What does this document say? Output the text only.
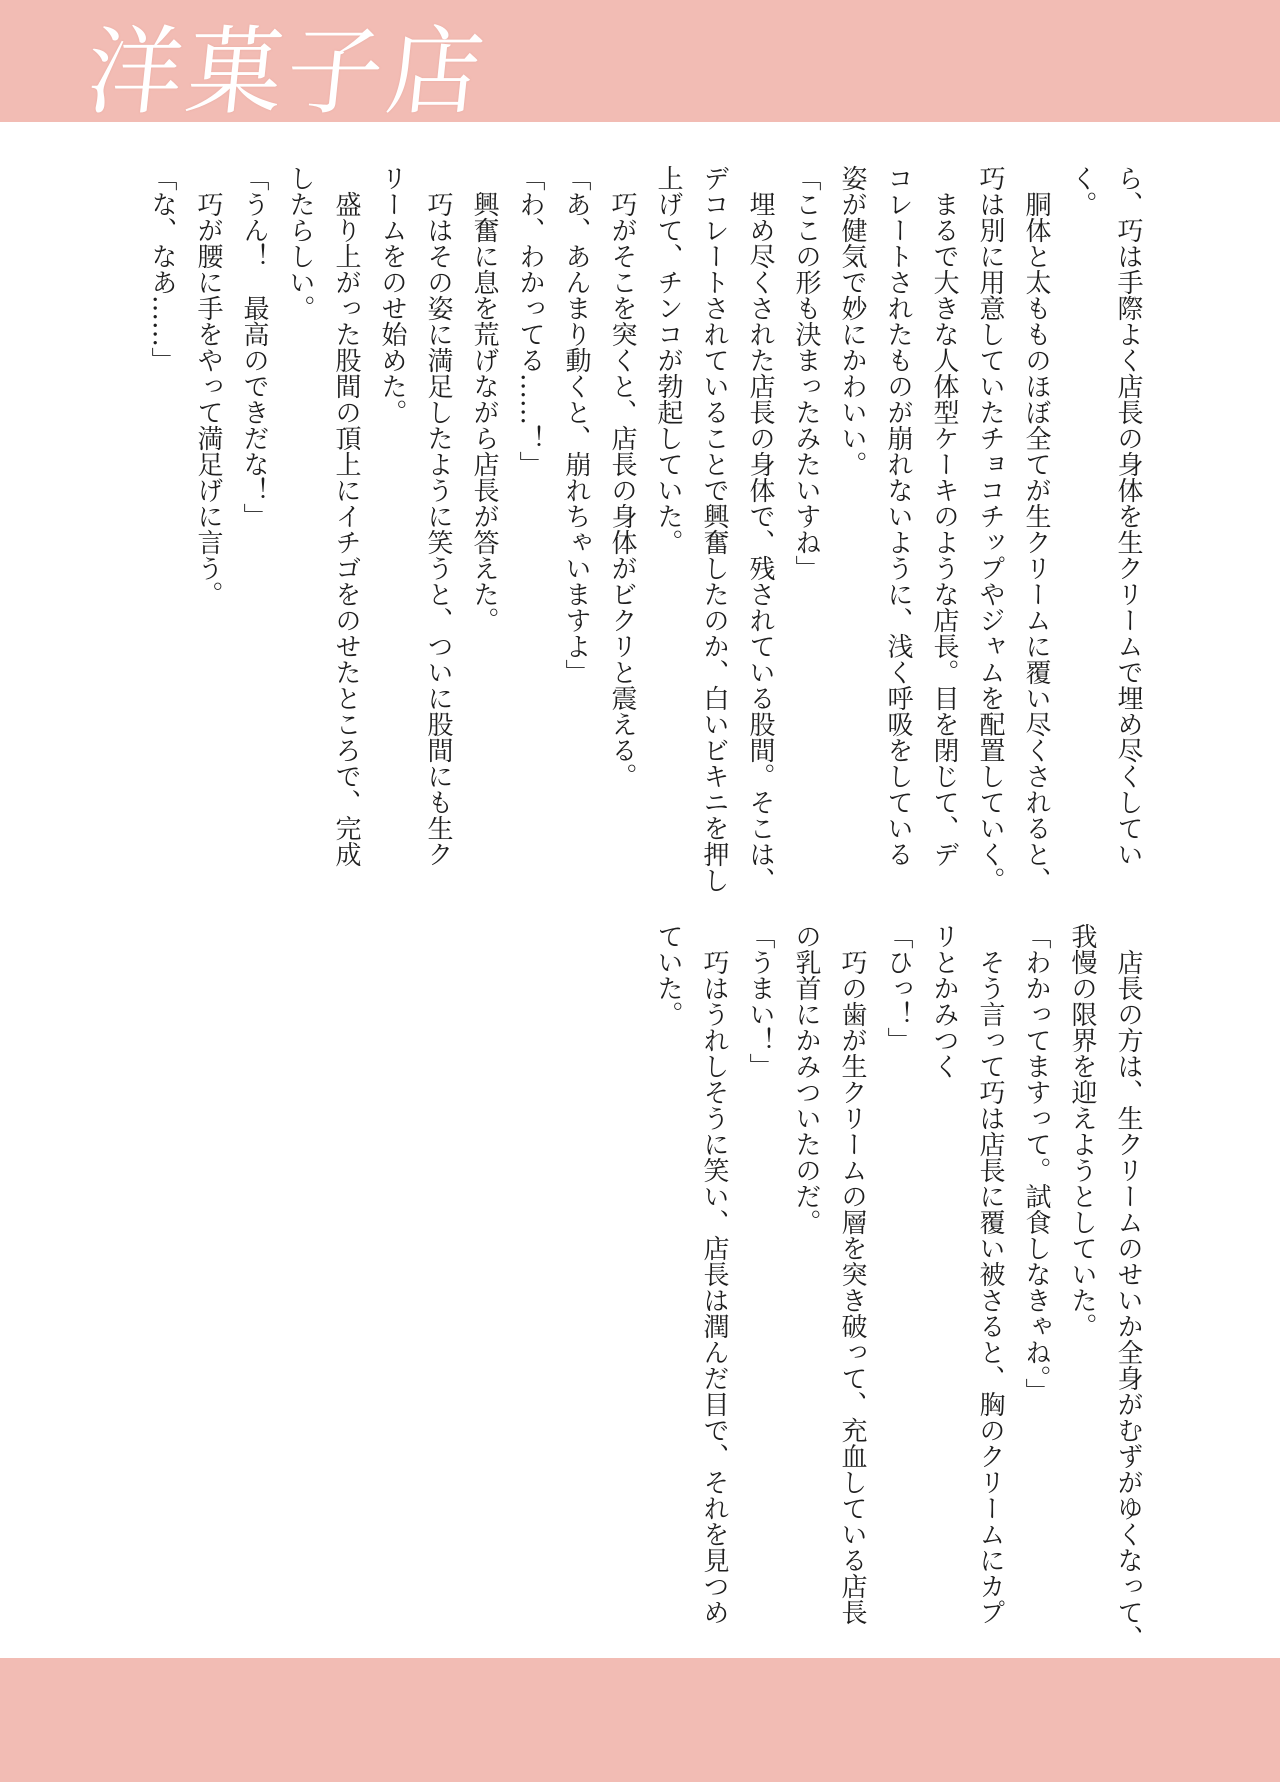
洋菓子店

ら、巧は手際よく店長の身体を生クリームで埋め尽くしてい

く。

　胴体と太もものほぼ全てが生クリームに覆い尽くされると、

巧は別に用意していたチョコチップやジャムを配置していく。

　まるで大きな人体型ケーキのような店長。目を閉じて、デ

コレートされたものが崩れないように、浅く呼吸をしている

姿が健気で妙にかわいい。

「ここの形も決まったみたいすね」

　埋め尽くされた店長の身体で、残されている股間。そこは、

デコレートされていることで興奮したのか、白いビキニを押し

上げて、チンコが勃起していた。

　巧がそこを突くと、店長の身体がビクリと震える。

「あ、あんまり動くと、崩れちゃいますよ」

「わ、わかってる……！」

　興奮に息を荒げながら店長が答えた。

　巧はその姿に満足したように笑うと、ついに股間にも生ク

リームをのせ始めた。

　盛り上がった股間の頂上にイチゴをのせたところで、完成

したらしい。

「うん！　最高のできだな！」

　巧が腰に手をやって満足げに言う。

「な、なあ……」

　店長の方は、生クリームのせいか全身がむずがゆくなって、

我慢の限界を迎えようとしていた。

「わかってますって。試食しなきゃね。」

　そう言って巧は店長に覆い被さると、胸のクリームにカプ

リとかみつく

「ひっ！」

　巧の歯が生クリームの層を突き破って、充血している店長

の乳首にかみついたのだ。

「うまい！」

　巧はうれしそうに笑い、店長は潤んだ目で、それを見つめ

ていた。
